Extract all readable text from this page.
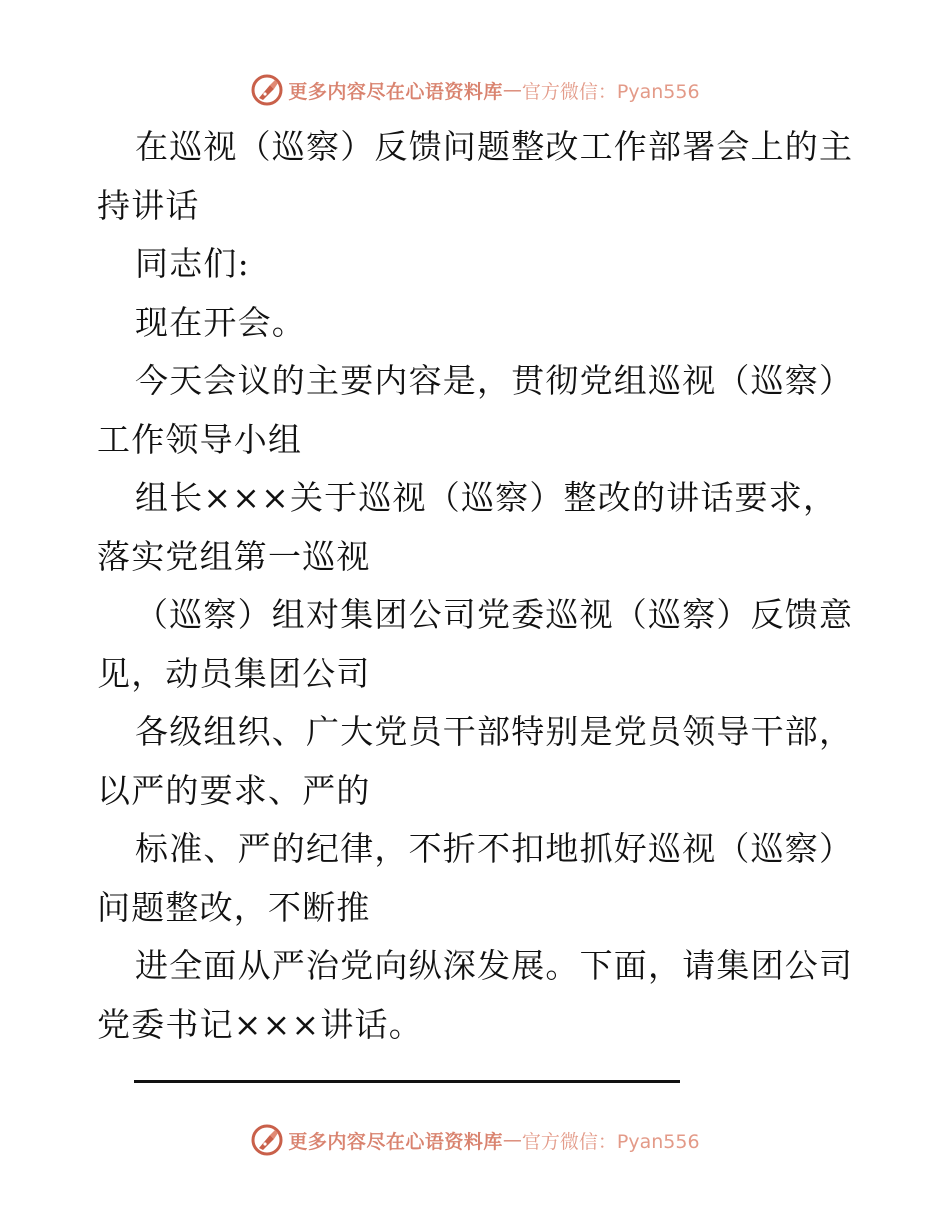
更多内容尽在心语资料库 — 官方微信：Pyan556
在巡视（巡察）反馈问题整改工作部署会上的主
持讲话
同志们:
现在开会。
今天会议的主要内容是，贯彻党组巡视（巡察）
工作领导小组
组长×××关于巡视（巡察）整改的讲话要求，
落实党组第一巡视
（巡察）组对集团公司党委巡视（巡察）反馈意
见，动员集团公司
各级组织、广大党员干部特别是党员领导干部，
以严的要求、严的
标准、严的纪律，不折不扣地抓好巡视（巡察）
问题整改，不断推
进全面从严治党向纵深发展。下面，请集团公司
党委书记×××讲话。
更多内容尽在心语资料库 — 官方微信：Pyan556
